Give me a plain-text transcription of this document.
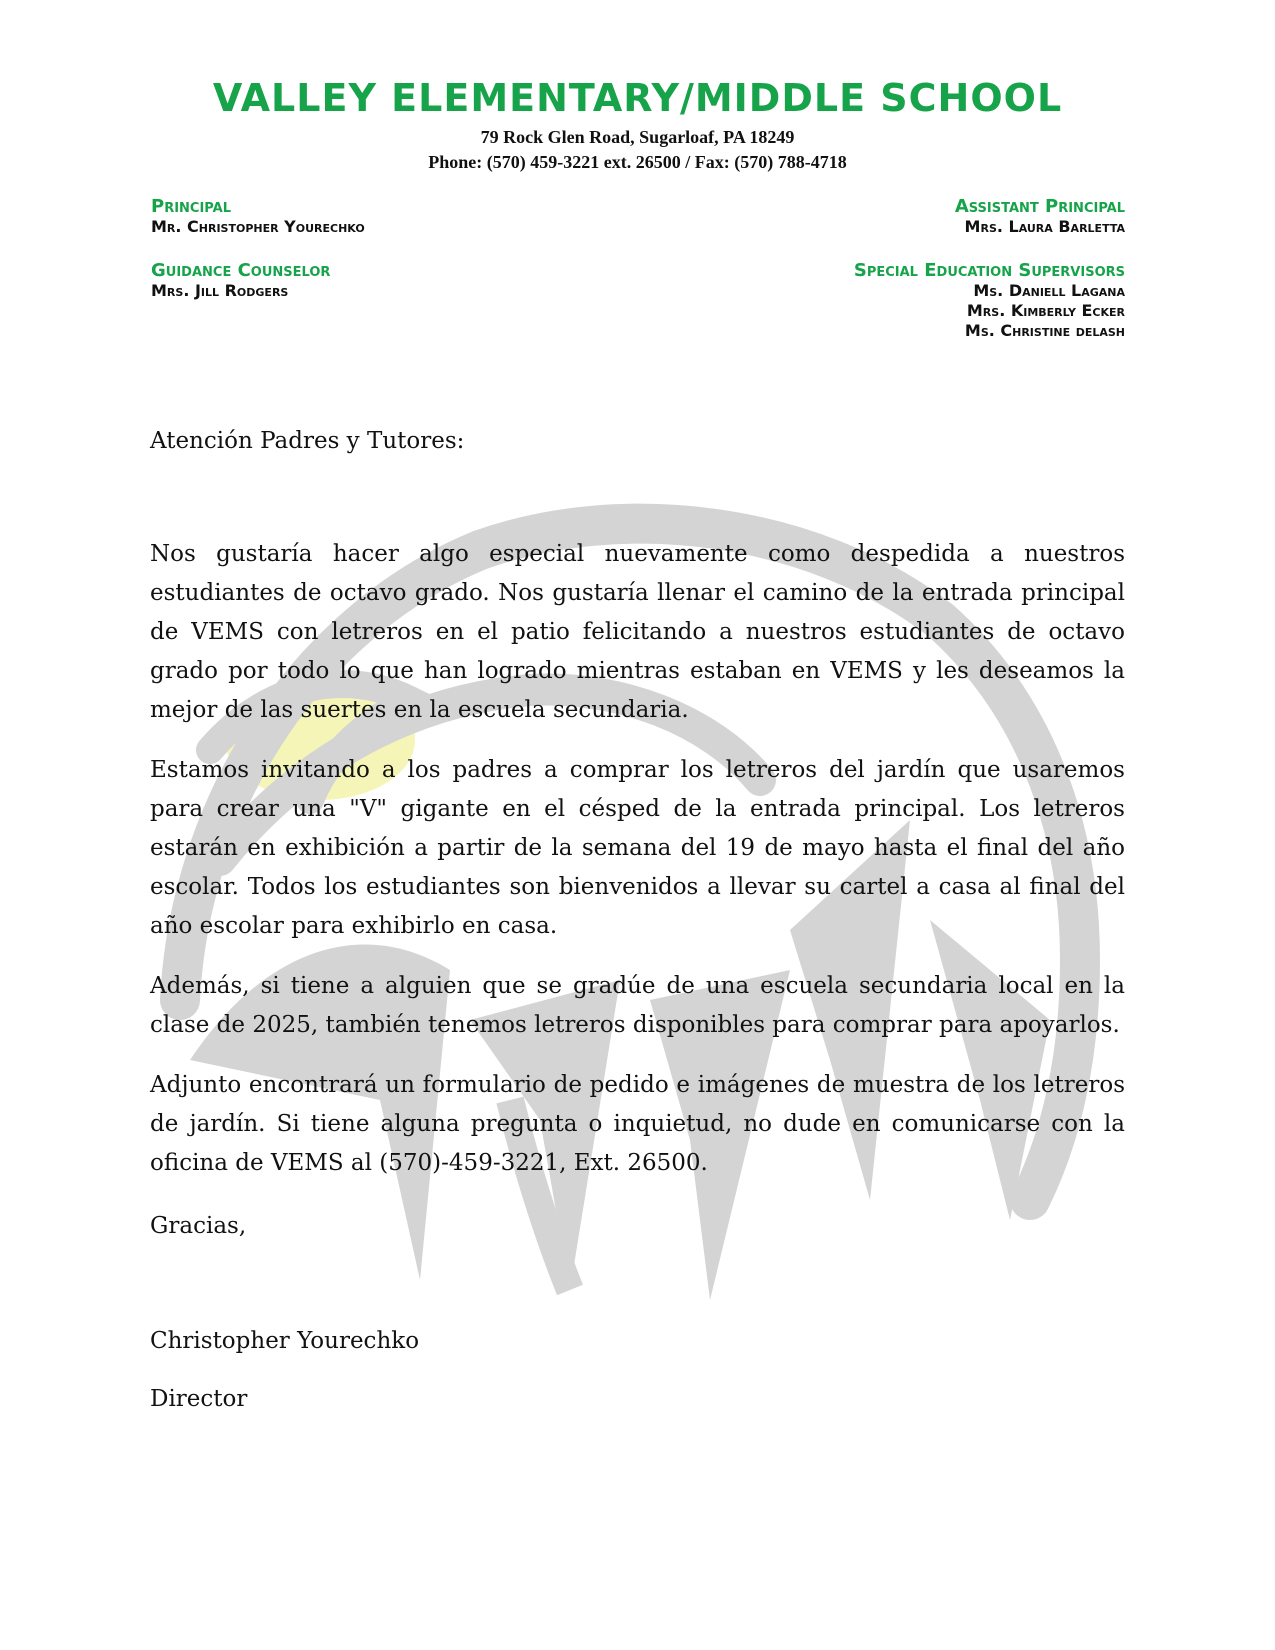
VALLEY ELEMENTARY/MIDDLE SCHOOL
79 Rock Glen Road, Sugarloaf, PA 18249
Phone: (570) 459-3221 ext. 26500 / Fax: (570) 788-4718
Principal
Mr. Christopher Yourechko
Assistant Principal
Mrs. Laura Barletta
Guidance Counselor
Mrs. Jill Rodgers
Special Education Supervisors
Ms. Daniell Lagana
Mrs. Kimberly Ecker
Ms. Christine delash
Atención Padres y Tutores:

Nos gustaría hacer algo especial nuevamente como despedida a nuestros estudiantes de octavo grado. Nos gustaría llenar el camino de la entrada principal de VEMS con letreros en el patio felicitando a nuestros estudiantes de octavo grado por todo lo que han logrado mientras estaban en VEMS y les deseamos la mejor de las suertes en la escuela secundaria.

Estamos invitando a los padres a comprar los letreros del jardín que usaremos para crear una "V" gigante en el césped de la entrada principal. Los letreros estarán en exhibición a partir de la semana del 19 de mayo hasta el final del año escolar. Todos los estudiantes son bienvenidos a llevar su cartel a casa al final del año escolar para exhibirlo en casa.

Además, si tiene a alguien que se gradúe de una escuela secundaria local en la clase de 2025, también tenemos letreros disponibles para comprar para apoyarlos.

Adjunto encontrará un formulario de pedido e imágenes de muestra de los letreros de jardín. Si tiene alguna pregunta o inquietud, no dude en comunicarse con la oficina de VEMS al (570)-459-3221, Ext. 26500.

Gracias,
Christopher Yourechko
Director
